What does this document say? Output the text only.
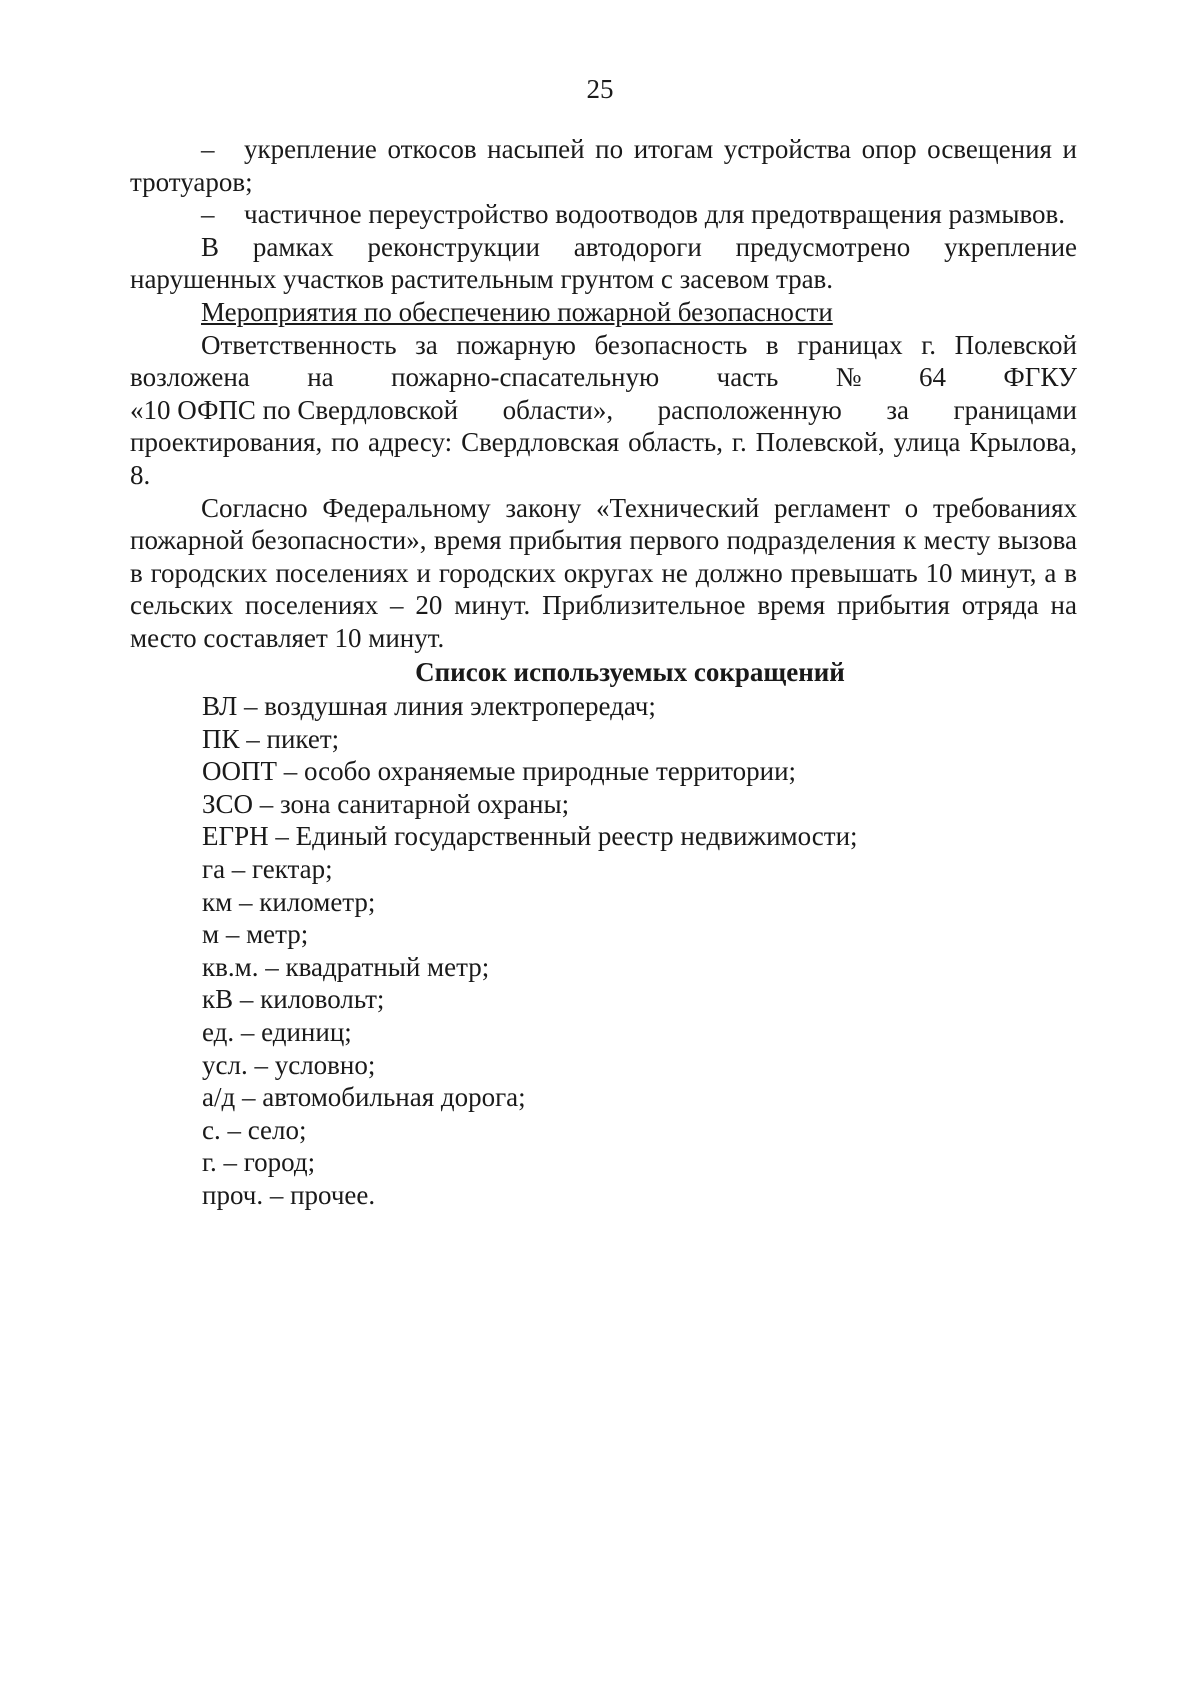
25

– укрепление откосов насыпей по итогам устройства опор освещения и тротуаров;

– частичное переустройство водоотводов для предотвращения размывов.

В рамках реконструкции автодороги предусмотрено укрепление нарушенных участков растительным грунтом с засевом трав.

Мероприятия по обеспечению пожарной безопасности

Ответственность за пожарную безопасность в границах г. Полевской

возложена на пожарно-спасательную часть № 64 ФГКУ

«10 ОФПС по Свердловской области», расположенную за границами

проектирования, по адресу: Свердловская область, г. Полевской, улица Крылова, 8.

Согласно Федеральному закону «Технический регламент о требованиях пожарной безопасности», время прибытия первого подразделения к месту вызова в городских поселениях и городских округах не должно превышать 10 минут, а в сельских поселениях – 20 минут. Приблизительное время прибытия отряда на место составляет 10 минут.

Список используемых сокращений
ВЛ – воздушная линия электропередач;
ПК – пикет;
ООПТ – особо охраняемые природные территории;
ЗСО – зона санитарной охраны;
ЕГРН – Единый государственный реестр недвижимости;
га – гектар;
км – километр;
м – метр;
кв.м. – квадратный метр;
кВ – киловольт;
ед. – единиц;
усл. – условно;
а/д – автомобильная дорога;
с. – село;
г. – город;
проч. – прочее.
